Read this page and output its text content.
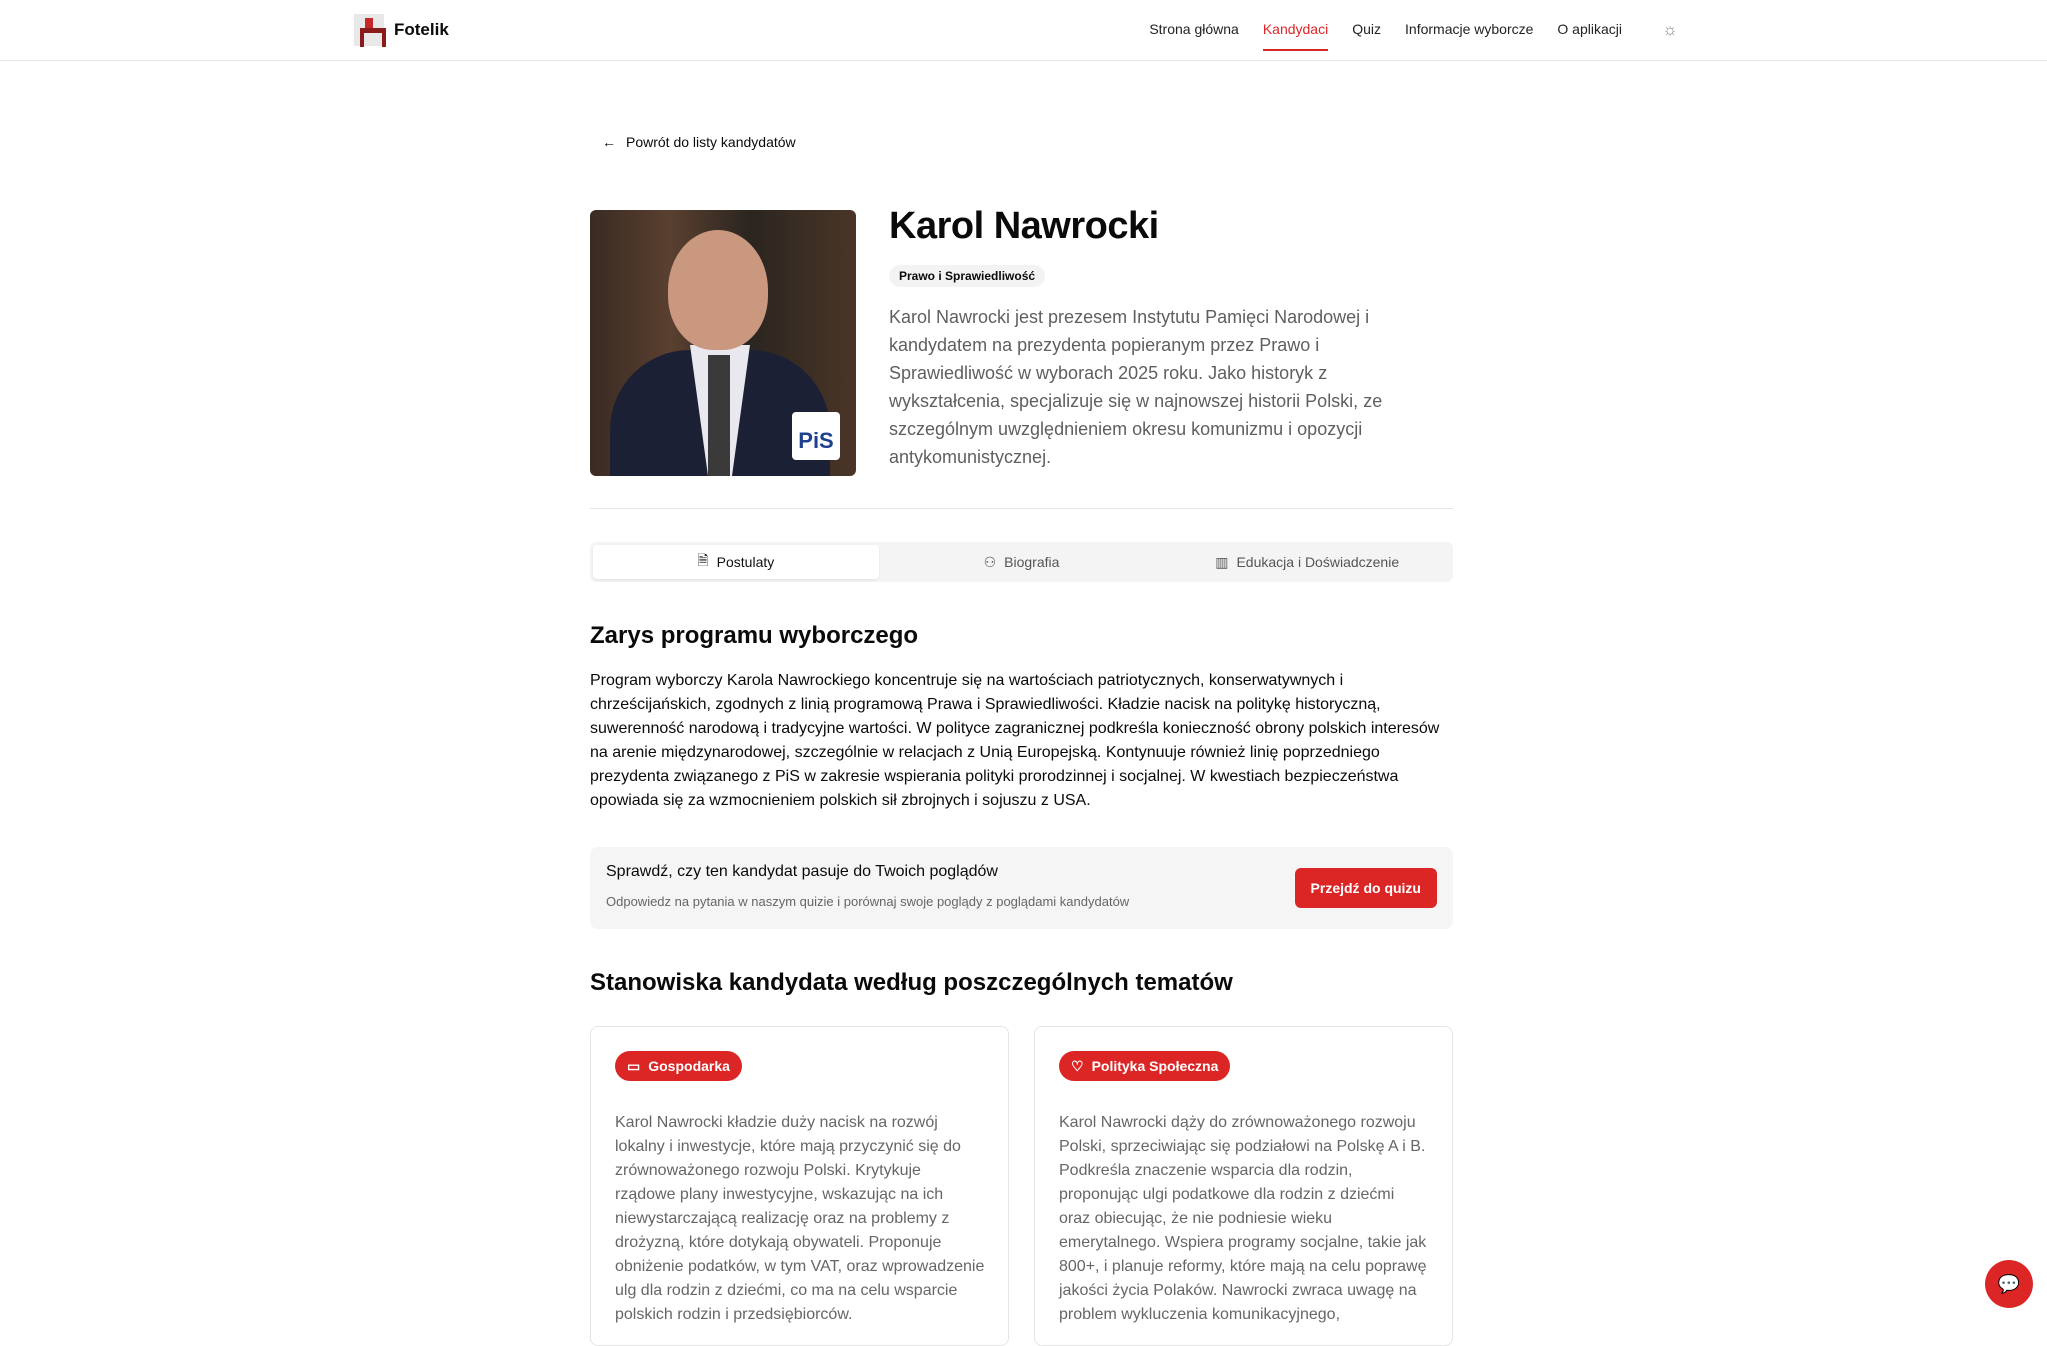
Fotelik	Strona główna Kandydaci Quiz Informacje wyborcze O aplikacji ☼
← Powrót do listy kandydatów
PiS
Karol Nawrocki
Prawo i Sprawiedliwość
Karol Nawrocki jest prezesem Instytutu Pamięci Narodowej i kandydatem na prezydenta popieranym przez Prawo i Sprawiedliwość w wyborach 2025 roku. Jako historyk z wykształcenia, specjalizuje się w najnowszej historii Polski, ze szczególnym uwzględnieniem okresu komunizmu i opozycji antykomunistycznej.
🗎 Postulaty	⚇ Biografia	▥ Edukacja i Doświadczenie
Zarys programu wyborczego
Program wyborczy Karola Nawrockiego koncentruje się na wartościach patriotycznych, konserwatywnych i chrześcijańskich, zgodnych z linią programową Prawa i Sprawiedliwości. Kładzie nacisk na politykę historyczną, suwerenność narodową i tradycyjne wartości. W polityce zagranicznej podkreśla konieczność obrony polskich interesów na arenie międzynarodowej, szczególnie w relacjach z Unią Europejską. Kontynuuje również linię poprzedniego prezydenta związanego z PiS w zakresie wspierania polityki prorodzinnej i socjalnej. W kwestiach bezpieczeństwa opowiada się za wzmocnieniem polskich sił zbrojnych i sojuszu z USA.
Sprawdź, czy ten kandydat pasuje do Twoich poglądów
Odpowiedz na pytania w naszym quizie i porównaj swoje poglądy z poglądami kandydatów
Przejdź do quizu
Stanowiska kandydata według poszczególnych tematów
▭ Gospodarka
Karol Nawrocki kładzie duży nacisk na rozwój lokalny i inwestycje, które mają przyczynić się do zrównoważonego rozwoju Polski. Krytykuje rządowe plany inwestycyjne, wskazując na ich niewystarczającą realizację oraz na problemy z drożyzną, które dotykają obywateli. Proponuje obniżenie podatków, w tym VAT, oraz wprowadzenie ulg dla rodzin z dziećmi, co ma na celu wsparcie polskich rodzin i przedsiębiorców.
♡ Polityka Społeczna
Karol Nawrocki dąży do zrównoważonego rozwoju Polski, sprzeciwiając się podziałowi na Polskę A i B. Podkreśla znaczenie wsparcia dla rodzin, proponując ulgi podatkowe dla rodzin z dziećmi oraz obiecując, że nie podniesie wieku emerytalnego. Wspiera programy socjalne, takie jak 800+, i planuje reformy, które mają na celu poprawę jakości życia Polaków. Nawrocki zwraca uwagę na problem wykluczenia komunikacyjnego,
💬
